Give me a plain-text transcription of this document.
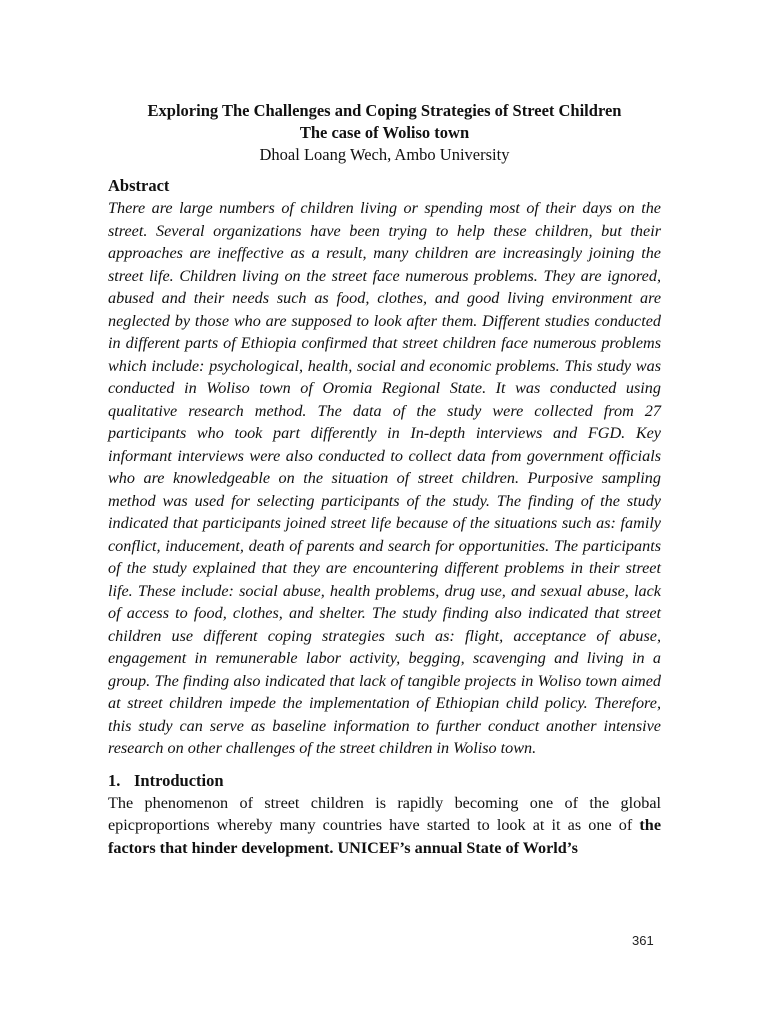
Exploring The Challenges and Coping Strategies of Street Children
The case of Woliso town

Dhoal Loang Wech, Ambo University

Abstract

There are large numbers of children living or spending most of their days on the street. Several organizations have been trying to help these children, but their approaches are ineffective as a result, many children are increasingly joining the street life. Children living on the street face numerous problems. They are ignored, abused and their needs such as food, clothes, and good living environment are neglected by those who are supposed to look after them. Different studies conducted in different parts of Ethiopia confirmed that street children face numerous problems which include: psychological, health, social and economic problems. This study was conducted in Woliso town of Oromia Regional State. It was conducted using qualitative research method. The data of the study were collected from 27 participants who took part differently in In-depth interviews and FGD. Key informant interviews were also conducted to collect data from government officials who are knowledgeable on the situation of street children. Purposive sampling method was used for selecting participants of the study. The finding of the study indicated that participants joined street life because of the situations such as: family conflict, inducement, death of parents and search for opportunities. The participants of the study explained that they are encountering different problems in their street life. These include: social abuse, health problems, drug use, and sexual abuse, lack of access to food, clothes, and shelter. The study finding also indicated that street children use different coping strategies such as: flight, acceptance of abuse, engagement in remunerable labor activity, begging, scavenging and living in a group. The finding also indicated that lack of tangible projects in Woliso town aimed at street children impede the implementation of Ethiopian child policy. Therefore, this study can serve as baseline information to further conduct another intensive research on other challenges of the street children in Woliso town.

1. Introduction

The phenomenon of street children is rapidly becoming one of the global epicproportions whereby many countries have started to look at it as one of the factors that hinder development. UNICEF’s annual State of World’s

361
